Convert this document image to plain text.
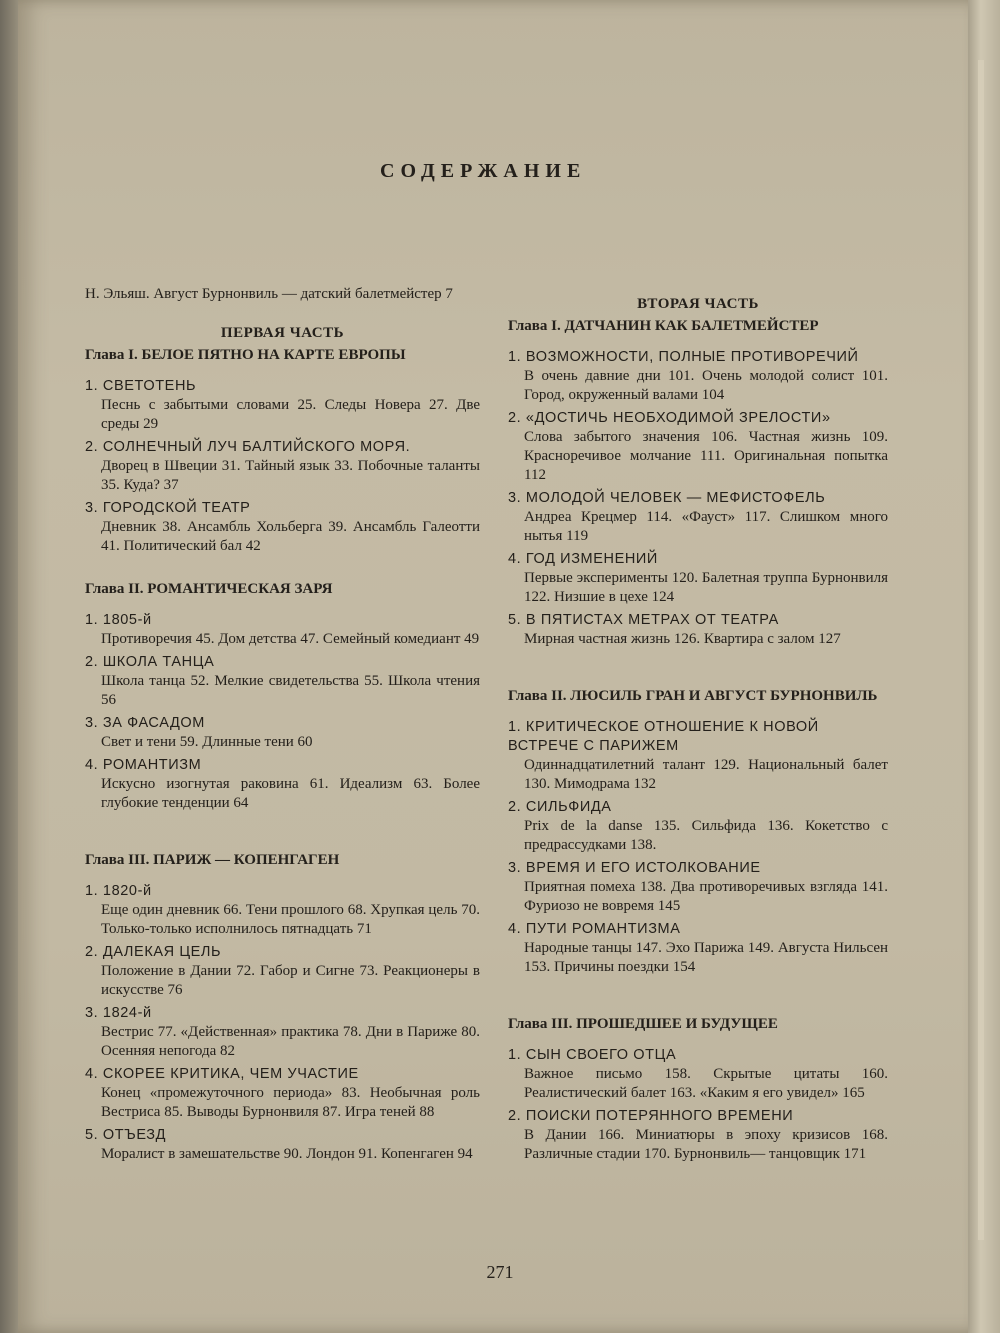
СОДЕРЖАНИЕ
Н. Эльяш. Август Бурнонвиль — датский балетмейстер 7
ПЕРВАЯ ЧАСТЬ
Глава I. БЕЛОЕ ПЯТНО НА КАРТЕ ЕВРОПЫ
1. СВЕТОТЕНЬ
Песнь с забытыми словами 25. Следы Новера 27. Две среды 29
2. СОЛНЕЧНЫЙ ЛУЧ БАЛТИЙСКОГО МОРЯ.
Дворец в Швеции 31. Тайный язык 33. Побочные таланты 35. Куда? 37
3. ГОРОДСКОЙ ТЕАТР
Дневник 38. Ансамбль Хольберга 39. Ансамбль Галеотти 41. Политический бал 42
Глава II. РОМАНТИЧЕСКАЯ ЗАРЯ
1. 1805-й
Противоречия 45. Дом детства 47. Семейный комедиант 49
2. ШКОЛА ТАНЦА
Школа танца 52. Мелкие свидетельства 55. Школа чтения 56
3. ЗА ФАСАДОМ
Свет и тени 59. Длинные тени 60
4. РОМАНТИЗМ
Искусно изогнутая раковина 61. Идеализм 63. Более глубокие тенденции 64
Глава III. ПАРИЖ — КОПЕНГАГЕН
1. 1820-й
Еще один дневник 66. Тени прошлого 68. Хрупкая цель 70. Только-только исполнилось пятнадцать 71
2. ДАЛЕКАЯ ЦЕЛЬ
Положение в Дании 72. Габор и Сигне 73. Реакционеры в искусстве 76
3. 1824-й
Вестрис 77. «Действенная» практика 78. Дни в Париже 80. Осенняя непогода 82
4. СКОРЕЕ КРИТИКА, ЧЕМ УЧАСТИЕ
Конец «промежуточного периода» 83. Необычная роль Вестриса 85. Выводы Бурнонвиля 87. Игра теней 88
5. ОТЪЕЗД
Моралист в замешательстве 90. Лондон 91. Копенгаген 94
ВТОРАЯ ЧАСТЬ
Глава I. ДАТЧАНИН КАК БАЛЕТМЕЙСТЕР
1. ВОЗМОЖНОСТИ, ПОЛНЫЕ ПРОТИВОРЕЧИЙ
В очень давние дни 101. Очень молодой солист 101. Город, окруженный валами 104
2. «ДОСТИЧЬ НЕОБХОДИМОЙ ЗРЕЛОСТИ»
Слова забытого значения 106. Частная жизнь 109. Красноречивое молчание 111. Оригинальная попытка 112
3. МОЛОДОЙ ЧЕЛОВЕК — МЕФИСТОФЕЛЬ
Андреа Крецмер 114. «Фауст» 117. Слишком много нытья 119
4. ГОД ИЗМЕНЕНИЙ
Первые эксперименты 120. Балетная труппа Бурнонвиля 122. Низшие в цехе 124
5. В ПЯТИСТАХ МЕТРАХ ОТ ТЕАТРА
Мирная частная жизнь 126. Квартира с залом 127
Глава II. ЛЮСИЛЬ ГРАН И АВГУСТ БУРНОНВИЛЬ
1. КРИТИЧЕСКОЕ ОТНОШЕНИЕ К НОВОЙ ВСТРЕЧЕ С ПАРИЖЕМ
Одиннадцатилетний талант 129. Национальный балет 130. Мимодрама 132
2. СИЛЬФИДА
Prix de la danse 135. Сильфида 136. Кокетство с предрассудками 138.
3. ВРЕМЯ И ЕГО ИСТОЛКОВАНИЕ
Приятная помеха 138. Два противоречивых взгляда 141. Фуриозо не вовремя 145
4. ПУТИ РОМАНТИЗМА
Народные танцы 147. Эхо Парижа 149. Августа Нильсен 153. Причины поездки 154
Глава III. ПРОШЕДШЕЕ И БУДУЩЕЕ
1. СЫН СВОЕГО ОТЦА
Важное письмо 158. Скрытые цитаты 160. Реалистический балет 163. «Каким я его увидел» 165
2. ПОИСКИ ПОТЕРЯННОГО ВРЕМЕНИ
В Дании 166. Миниатюры в эпоху кризисов 168. Различные стадии 170. Бурнонвиль— танцовщик 171
271
